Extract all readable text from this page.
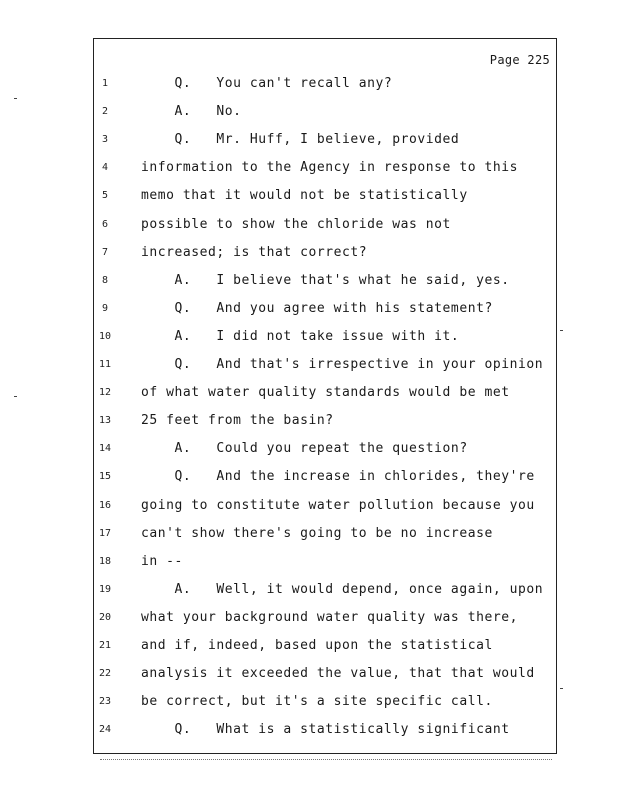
Page 225
1	Q.   You can't recall any?
2	A.   No.
3	Q.   Mr. Huff, I believe, provided
4	information to the Agency in response to this
5	memo that it would not be statistically
6	possible to show the chloride was not
7	increased; is that correct?
8	A.   I believe that's what he said, yes.
9	Q.   And you agree with his statement?
10	A.   I did not take issue with it.
11	Q.   And that's irrespective in your opinion
12	of what water quality standards would be met
13	25 feet from the basin?
14	A.   Could you repeat the question?
15	Q.   And the increase in chlorides, they're
16	going to constitute water pollution because you
17	can't show there's going to be no increase
18	in --
19	A.   Well, it would depend, once again, upon
20	what your background water quality was there,
21	and if, indeed, based upon the statistical
22	analysis it exceeded the value, that that would
23	be correct, but it's a site specific call.
24	Q.   What is a statistically significant
